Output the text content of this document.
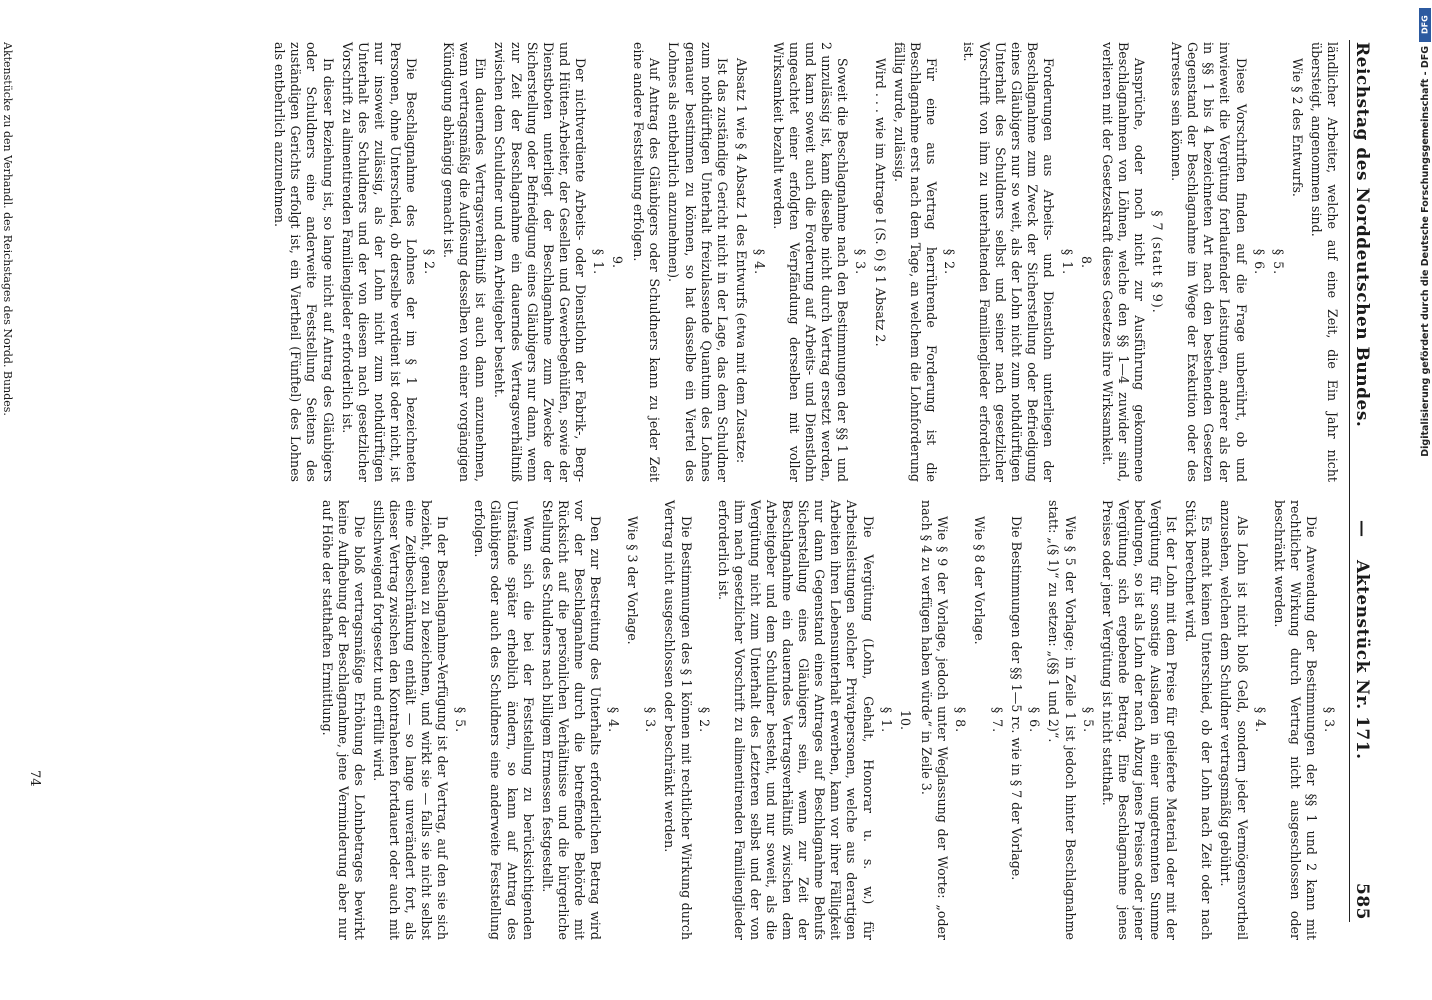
Reichstag des Norddeutschen Bundes.
—
Aktenstück Nr. 171.
585

ländlicher Arbeiter, welche auf eine Zeit, die Ein Jahr nicht übersteigt, angenommen sind.

Wie § 2 des Entwurfs.

§ 5.
§ 6.

Diese Vorschriften finden auf die Frage unberührt, ob und inwieweit die Vergütung fortlaufender Leistungen, anderer als der in §§ 1 bis 4 bezeichneten Art nach den bestehenden Gesetzen Gegenstand der Beschlagnahme im Wege der Exekution oder des Arrestes sein können.

§ 7 (statt § 9).

Ansprüche, oder noch nicht zur Ausführung gekommene Beschlagnahmen von Löhnen, welche den §§ 1—4 zuwider sind, verlieren mit der Gesetzeskraft dieses Gesetzes ihre Wirksamkeit.

8.
§ 1.

Forderungen aus Arbeits- und Dienstlohn unterliegen der Beschlagnahme zum Zweck der Sicherstellung oder Befriedigung eines Gläubigers nur so weit, als der Lohn nicht zum nothdürftigen Unterhalt des Schuldners selbst und seiner nach gesetzlicher Vorschrift von ihm zu unterhaltenden Familienglieder erforderlich ist.

§ 2.

Für eine aus Vertrag herrührende Forderung ist die Beschlagnahme erst nach dem Tage, an welchem die Lohnforderung fällig wurde, zulässig.

Wird . . . wie im Antrage I (S. 6) § 1 Absatz 2.

§ 3.

Soweit die Beschlagnahme nach den Bestimmungen der §§ 1 und 2 unzulässig ist, kann dieselbe nicht durch Vertrag ersetzt werden, und kann soweit auch die Forderung auf Arbeits- und Dienstlohn ungeachtet einer erfolgten Verpfändung derselben mit voller Wirksamkeit bezahlt werden.

§ 4.

Absatz 1 wie § 4 Absatz 1 des Entwurfs (etwa mit dem Zusatze:

Ist das zuständige Gericht nicht in der Lage, das dem Schuldner zum nothdürftigen Unterhalt freizulassende Quantum des Lohnes genauer bestimmen zu können, so hat dasselbe ein Viertel des Lohnes als entbehrlich anzunehmen).

Auf Antrag des Gläubigers oder Schuldners kann zu jeder Zeit eine andere Feststellung erfolgen.

9.
§ 1.

Der nichtverdiente Arbeits- oder Dienstlohn der Fabrik-, Berg- und Hütten-Arbeiter, der Gesellen und Gewerbegehülfen, sowie der Dienstboten unterliegt der Beschlagnahme zum Zwecke der Sicherstellung oder Befriedigung eines Gläubigers nur dann, wenn zur Zeit der Beschlagnahme ein dauerndes Vertragsverhältniß zwischen dem Schuldner und dem Arbeitgeber besteht.

Ein dauerndes Vertragsverhältniß ist auch dann anzunehmen, wenn vertragsmäßig die Auflösung desselben von einer vorgängigen Kündigung abhängig gemacht ist.

§ 2.

Die Beschlagnahme des Lohnes der im § 1 bezeichneten Personen, ohne Unterschied, ob derselbe verdient ist oder nicht, ist nur insoweit zulässig, als der Lohn nicht zum nothdürftigen Unterhalt des Schuldners und der von diesem nach gesetzlicher Vorschrift zu alimentirenden Familienglieder erforderlich ist.

In dieser Beziehung ist, so lange nicht auf Antrag des Gläubigers oder Schuldners eine anderweite Feststellung Seitens des zuständigen Gerichts erfolgt ist, ein Viertheil (Fünftel) des Lohnes als entbehrlich anzunehmen.

§ 3.

Die Anwendung der Bestimmungen der §§ 1 und 2 kann mit rechtlicher Wirkung durch Vertrag nicht ausgeschlossen oder beschränkt werden.

§ 4.

Als Lohn ist nicht bloß Geld, sondern jeder Vermögensvortheil anzusehen, welchen dem Schuldner vertragsmäßig gebührt.

Es macht keinen Unterschied, ob der Lohn nach Zeit oder nach Stück berechnet wird.

Ist der Lohn mit dem Preise für gelieferte Material oder mit der Vergütung für sonstige Auslagen in einer ungetrennten Summe bedungen, so ist als Lohn der nach Abzug jenes Preises oder jener Vergütung sich ergebende Betrag. Eine Beschlagnahme jenes Preises oder jener Vergütung ist nicht statthaft.

§ 5.

Wie § 5 der Vorlage; in Zeile 1 ist jedoch hinter Beschlagnahme statt: „(§ 1)“ zu setzen: „(§§ 1 und 2)“.

§ 6.

Die Bestimmungen der §§ 1—5 rc. wie in § 7 der Vorlage.

§ 7.

Wie § 8 der Vorlage.

§ 8.

Wie § 9 der Vorlage, jedoch unter Weglassung der Worte: „oder nach § 4 zu verfügen haben würde“ in Zeile 3.

10.
§ 1.

Die Vergütung (Lohn, Gehalt, Honorar u. s. w.) für Arbeitsleistungen solcher Privatpersonen, welche aus derartigen Arbeiten ihren Lebensunterhalt erwerben, kann vor ihrer Fälligkeit nur dann Gegenstand eines Antrages auf Beschlagnahme Behufs Sicherstellung eines Gläubigers sein, wenn zur Zeit der Beschlagnahme ein dauerndes Vertragsverhältniß zwischen dem Arbeitgeber und dem Schuldner besteht, und nur soweit, als die Vergütung nicht zum Unterhalt des Letzteren selbst und der von ihm nach gesetzlicher Vorschrift zu alimentirenden Familienglieder erforderlich ist.

§ 2.

Die Bestimmungen des § 1 können mit rechtlicher Wirkung durch Vertrag nicht ausgeschlossen oder beschränkt werden.

§ 3.

Wie § 3 der Vorlage.

§ 4.

Den zur Bestreitung des Unterhalts erforderlichen Betrag wird vor der Beschlagnahme durch die betreffende Behörde mit Rücksicht auf die persönlichen Verhältnisse und die bürgerliche Stellung des Schuldners nach billigem Ermessen festgestellt.

Wenn sich die bei der Feststellung zu berücksichtigenden Umstände später erheblich ändern, so kann auf Antrag des Gläubigers oder auch des Schuldners eine anderweite Feststellung erfolgen.

§ 5.

In der Beschlagnahme-Verfügung ist der Vertrag, auf den sie sich bezieht, genau zu bezeichnen, und wirkt sie — falls sie nicht selbst eine Zeitbeschränkung enthält — so lange unverändert fort, als dieser Vertrag zwischen den Kontrahenten fortdauert oder auch mit stillschweigend fortgesetzt und erfüllt wird.

Die bloß vertragsmäßige Erhöhung des Lohnbetrages bewirkt keine Aufhebung der Beschlagnahme, jene Verminderung aber nur auf Höhe der statthaften Ermittlung.

74
Aktenstücke zu den Verhandl. des Reichstages des Nordd. Bundes.
DFG
Digitalisierung gefördert durch die Deutsche Forschungsgemeinschaft - DFG
